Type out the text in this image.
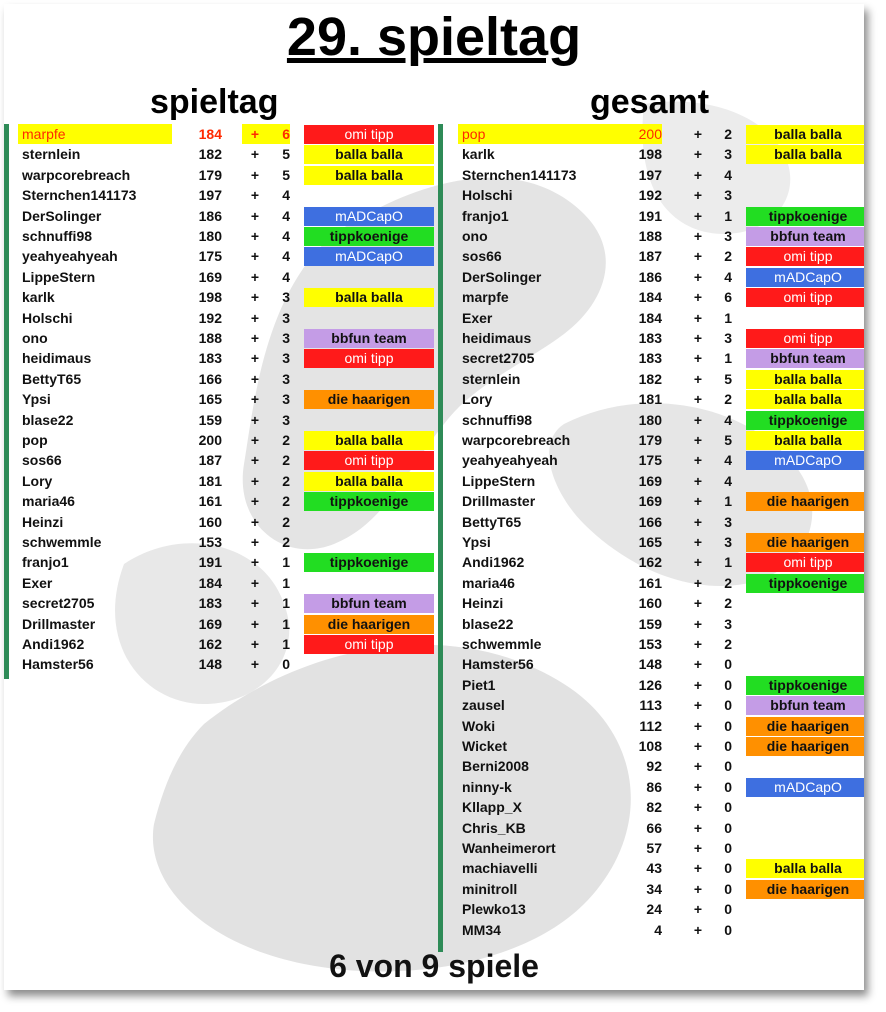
29. spieltag
spieltag	gesamt
marpfe	184	+	6	omi tipp
sternlein	182	+	5	balla balla
warpcorebreach	179	+	5	balla balla
Sternchen141173	197	+	4
DerSolinger	186	+	4	mADCapO
schnuffi98	180	+	4	tippkoenige
yeahyeahyeah	175	+	4	mADCapO
LippeStern	169	+	4
karlk	198	+	3	balla balla
Holschi	192	+	3
ono	188	+	3	bbfun team
heidimaus	183	+	3	omi tipp
BettyT65	166	+	3
Ypsi	165	+	3	die haarigen
blase22	159	+	3
pop	200	+	2	balla balla
sos66	187	+	2	omi tipp
Lory	181	+	2	balla balla
maria46	161	+	2	tippkoenige
Heinzi	160	+	2
schwemmle	153	+	2
franjo1	191	+	1	tippkoenige
Exer	184	+	1
secret2705	183	+	1	bbfun team
Drillmaster	169	+	1	die haarigen
Andi1962	162	+	1	omi tipp
Hamster56	148	+	0
pop	200	+	2	balla balla
karlk	198	+	3	balla balla
Sternchen141173	197	+	4
Holschi	192	+	3
franjo1	191	+	1	tippkoenige
ono	188	+	3	bbfun team
sos66	187	+	2	omi tipp
DerSolinger	186	+	4	mADCapO
marpfe	184	+	6	omi tipp
Exer	184	+	1
heidimaus	183	+	3	omi tipp
secret2705	183	+	1	bbfun team
sternlein	182	+	5	balla balla
Lory	181	+	2	balla balla
schnuffi98	180	+	4	tippkoenige
warpcorebreach	179	+	5	balla balla
yeahyeahyeah	175	+	4	mADCapO
LippeStern	169	+	4
Drillmaster	169	+	1	die haarigen
BettyT65	166	+	3
Ypsi	165	+	3	die haarigen
Andi1962	162	+	1	omi tipp
maria46	161	+	2	tippkoenige
Heinzi	160	+	2
blase22	159	+	3
schwemmle	153	+	2
Hamster56	148	+	0
Piet1	126	+	0	tippkoenige
zausel	113	+	0	bbfun team
Woki	112	+	0	die haarigen
Wicket	108	+	0	die haarigen
Berni2008	92	+	0
ninny-k	86	+	0	mADCapO
Kllapp_X	82	+	0
Chris_KB	66	+	0
Wanheimerort	57	+	0
machiavelli	43	+	0	balla balla
minitroll	34	+	0	die haarigen
Plewko13	24	+	0
MM34	4	+	0
6 von 9 spiele
